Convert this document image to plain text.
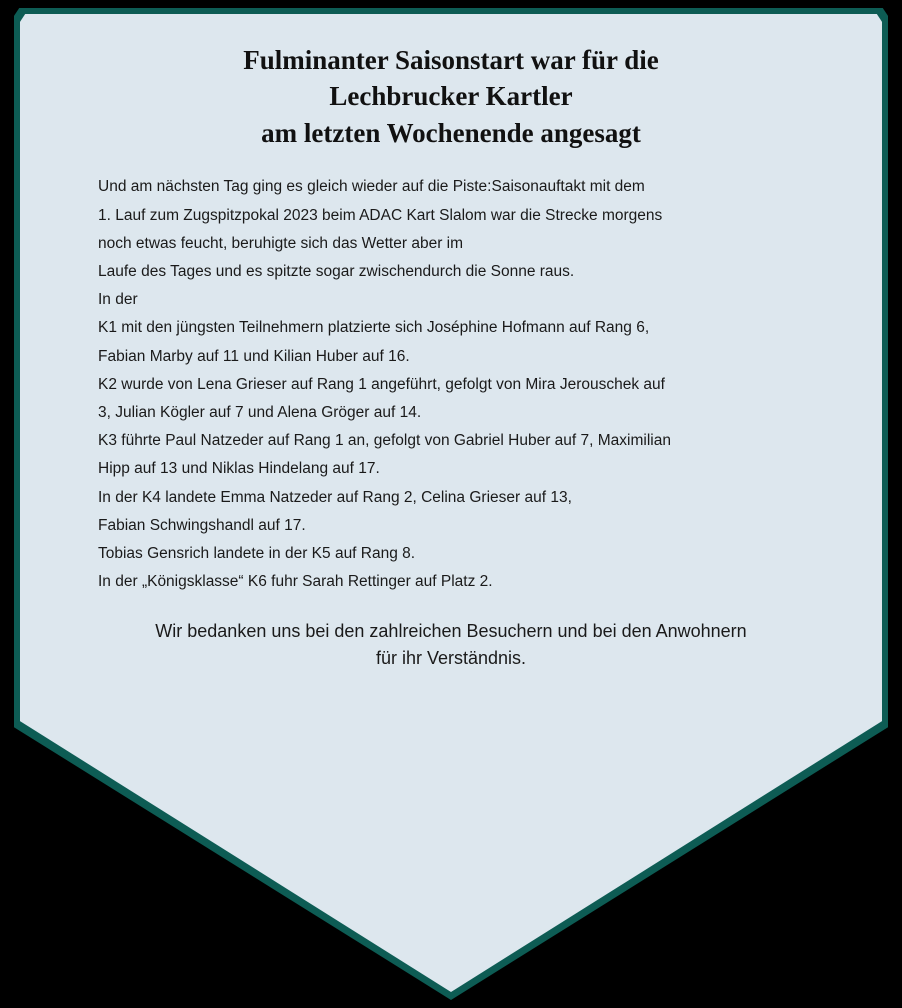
Fulminanter Saisonstart war für die
Lechbrucker Kartler
am letzten Wochenende angesagt
Und am nächsten Tag ging es gleich wieder auf die Piste:Saisonauftakt mit dem
1. Lauf zum Zugspitzpokal 2023 beim ADAC Kart Slalom war die Strecke morgens
noch etwas feucht, beruhigte sich das Wetter aber im
Laufe des Tages und es spitzte sogar zwischendurch die Sonne raus.
In der
K1 mit den jüngsten Teilnehmern platzierte sich Joséphine Hofmann auf Rang 6,
Fabian Marby auf 11 und Kilian Huber auf 16.
K2 wurde von Lena Grieser auf Rang 1 angeführt, gefolgt von Mira Jerouschek auf
3, Julian Kögler auf 7 und Alena Gröger auf 14.
K3 führte Paul Natzeder auf Rang 1 an, gefolgt von Gabriel Huber auf 7, Maximilian
Hipp auf 13 und Niklas Hindelang auf 17.
In der K4 landete Emma Natzeder auf Rang 2, Celina Grieser auf 13,
Fabian Schwingshandl auf 17.
Tobias Gensrich landete in der K5 auf Rang 8.
In der „Königsklasse“ K6 fuhr Sarah Rettinger auf Platz 2.
Wir bedanken uns bei den zahlreichen Besuchern und bei den Anwohnern
für ihr Verständnis.
